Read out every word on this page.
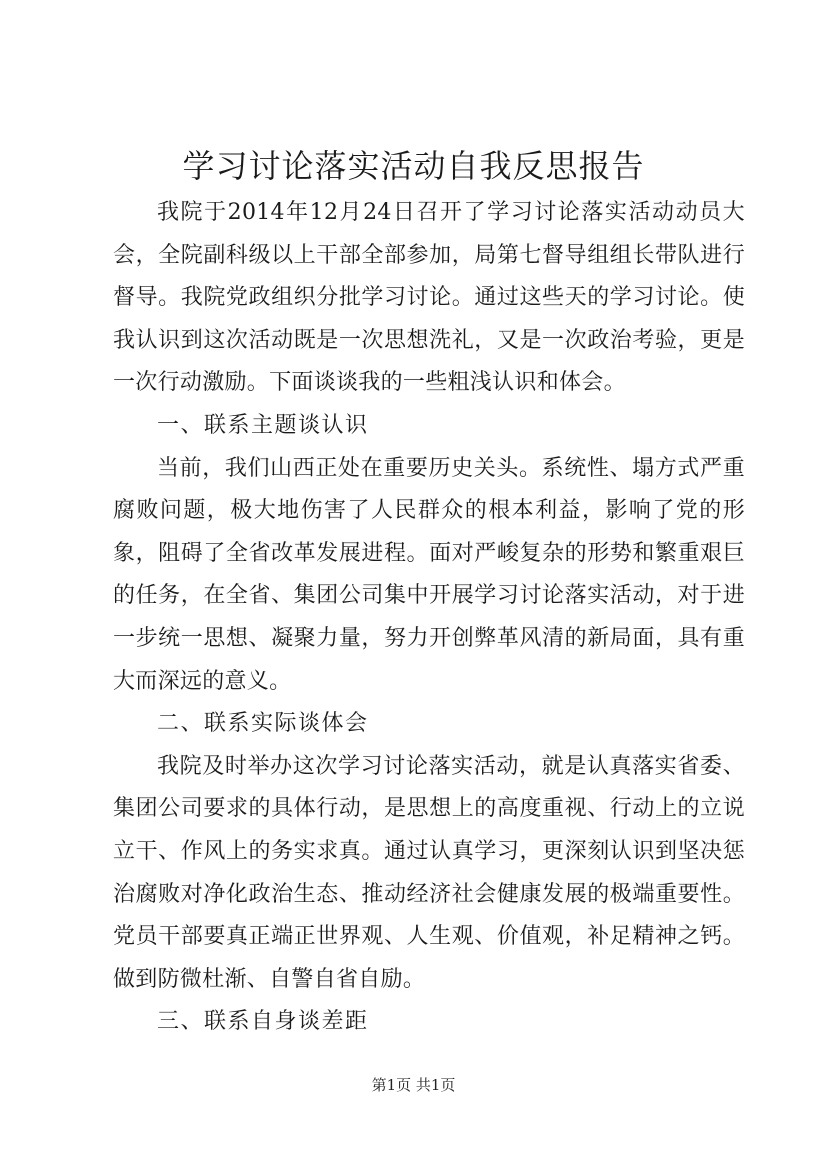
学习讨论落实活动自我反思报告

我院于2014年12月24日召开了学习讨论落实活动动员大会，全院副科级以上干部全部参加，局第七督导组组长带队进行督导。我院党政组织分批学习讨论。通过这些天的学习讨论。使我认识到这次活动既是一次思想洗礼，又是一次政治考验，更是一次行动激励。下面谈谈我的一些粗浅认识和体会。

一、联系主题谈认识

当前，我们山西正处在重要历史关头。系统性、塌方式严重腐败问题，极大地伤害了人民群众的根本利益，影响了党的形象，阻碍了全省改革发展进程。面对严峻复杂的形势和繁重艰巨的任务，在全省、集团公司集中开展学习讨论落实活动，对于进一步统一思想、凝聚力量，努力开创弊革风清的新局面，具有重大而深远的意义。

二、联系实际谈体会

我院及时举办这次学习讨论落实活动，就是认真落实省委、集团公司要求的具体行动，是思想上的高度重视、行动上的立说立干、作风上的务实求真。通过认真学习，更深刻认识到坚决惩治腐败对净化政治生态、推动经济社会健康发展的极端重要性。党员干部要真正端正世界观、人生观、价值观，补足精神之钙。做到防微杜渐、自警自省自励。

三、联系自身谈差距

第1页 共1页
